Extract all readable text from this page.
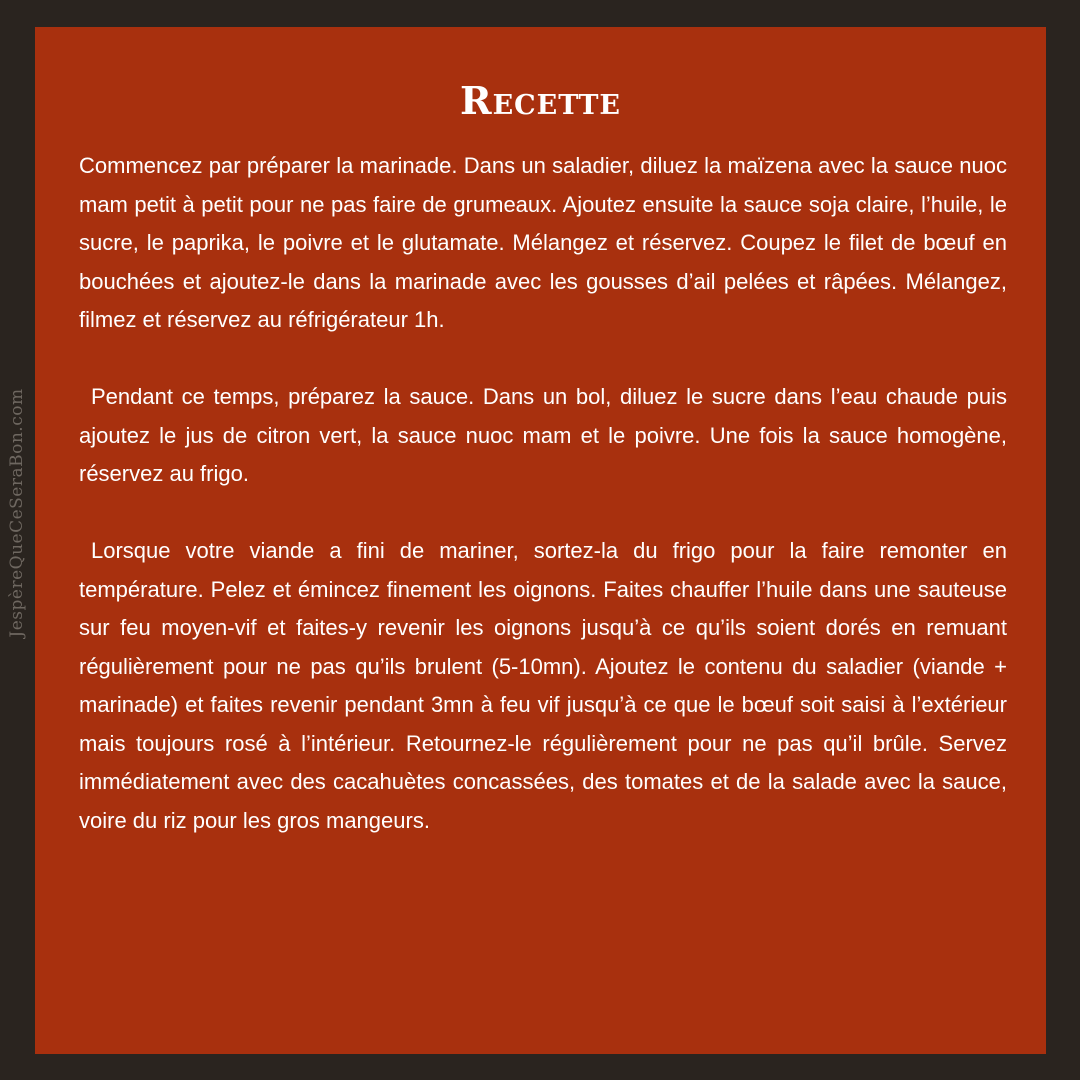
JespèreQueCeSeraBon.com
Recette

Commencez par préparer la marinade. Dans un saladier, diluez la maïzena avec la sauce nuoc mam petit à petit pour ne pas faire de grumeaux. Ajoutez ensuite la sauce soja claire, l’huile, le sucre, le paprika, le poivre et le glutamate. Mélangez et réservez. Coupez le filet de bœuf en bouchées et ajoutez-le dans la marinade avec les gousses d’ail pelées et râpées. Mélangez, filmez et réservez au réfrigérateur 1h.

Pendant ce temps, préparez la sauce. Dans un bol, diluez le sucre dans l’eau chaude puis ajoutez le jus de citron vert, la sauce nuoc mam et le poivre. Une fois la sauce homogène, réservez au frigo.

Lorsque votre viande a fini de mariner, sortez-la du frigo pour la faire remonter en température. Pelez et émincez finement les oignons. Faites chauffer l’huile dans une sauteuse sur feu moyen-vif et faites-y revenir les oignons jusqu’à ce qu’ils soient dorés en remuant régulièrement pour ne pas qu’ils brulent (5-10mn). Ajoutez le contenu du saladier (viande + marinade) et faites revenir pendant 3mn à feu vif jusqu’à ce que le bœuf soit saisi à l’extérieur mais toujours rosé à l’intérieur. Retournez-le régulièrement pour ne pas qu’il brûle. Servez immédiatement avec des cacahuètes concassées, des tomates et de la salade avec la sauce, voire du riz pour les gros mangeurs.
